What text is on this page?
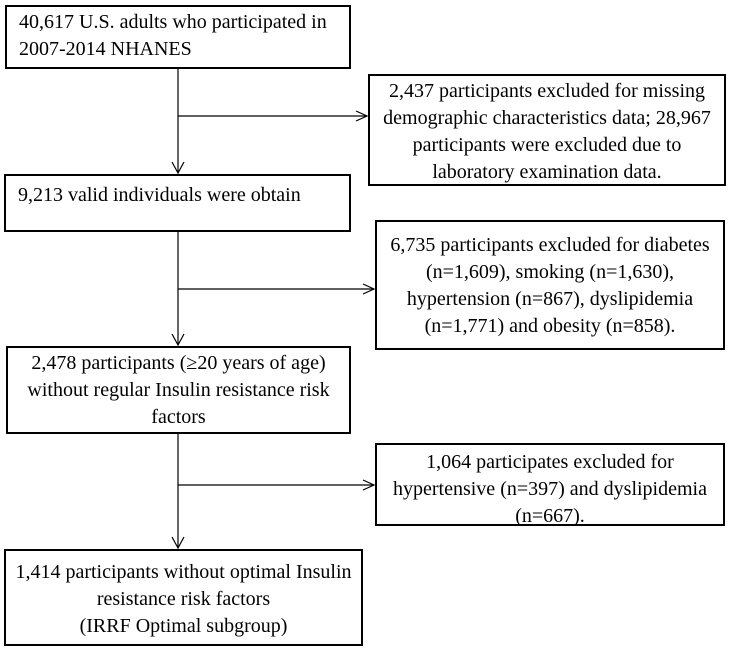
40,617 U.S. adults who participated in
2007-2014 NHANES
2,437 participants excluded for missing
demographic characteristics data; 28,967
participants were excluded due to
laboratory examination data.
9,213 valid individuals were obtain
6,735 participants excluded for diabetes
(n=1,609), smoking (n=1,630),
hypertension (n=867), dyslipidemia
(n=1,771) and obesity (n=858).
2,478 participants (≥20 years of age)
without regular Insulin resistance risk
factors
1,064 participates excluded for
hypertensive (n=397) and dyslipidemia
(n=667).
1,414 participants without optimal Insulin
resistance risk factors
(IRRF Optimal subgroup)
